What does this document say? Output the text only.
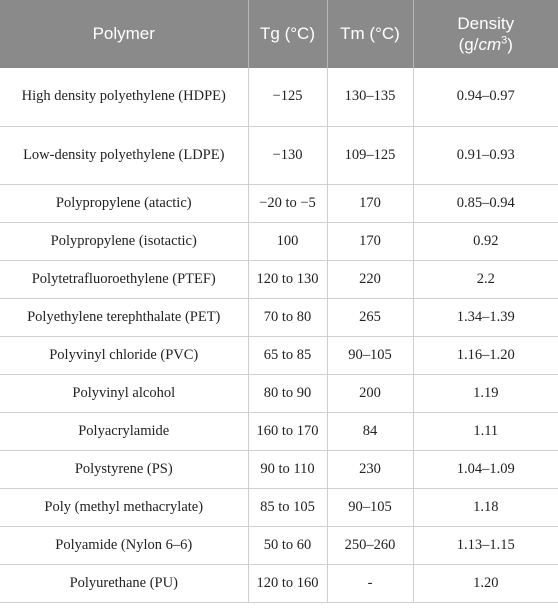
Polymer	Tg (°C)	Tm (°C)	Density
$(g/cm^3)$

High density polyethylene (HDPE)	−125	130–135	0.94–0.97
Low-density polyethylene (LDPE)	−130	109–125	0.91–0.93
Polypropylene (atactic)	−20 to −5	170	0.85–0.94
Polypropylene (isotactic)	100	170	0.92
Polytetrafluoroethylene (PTEF)	120 to 130	220	2.2
Polyethylene terephthalate (PET)	70 to 80	265	1.34–1.39
Polyvinyl chloride (PVC)	65 to 85	90–105	1.16–1.20
Polyvinyl alcohol	80 to 90	200	1.19
Polyacrylamide	160 to 170	84	1.11
Polystyrene (PS)	90 to 110	230	1.04–1.09
Poly (methyl methacrylate)	85 to 105	90–105	1.18
Polyamide (Nylon 6–6)	50 to 60	250–260	1.13–1.15
Polyurethane (PU)	120 to 160	-	1.20
